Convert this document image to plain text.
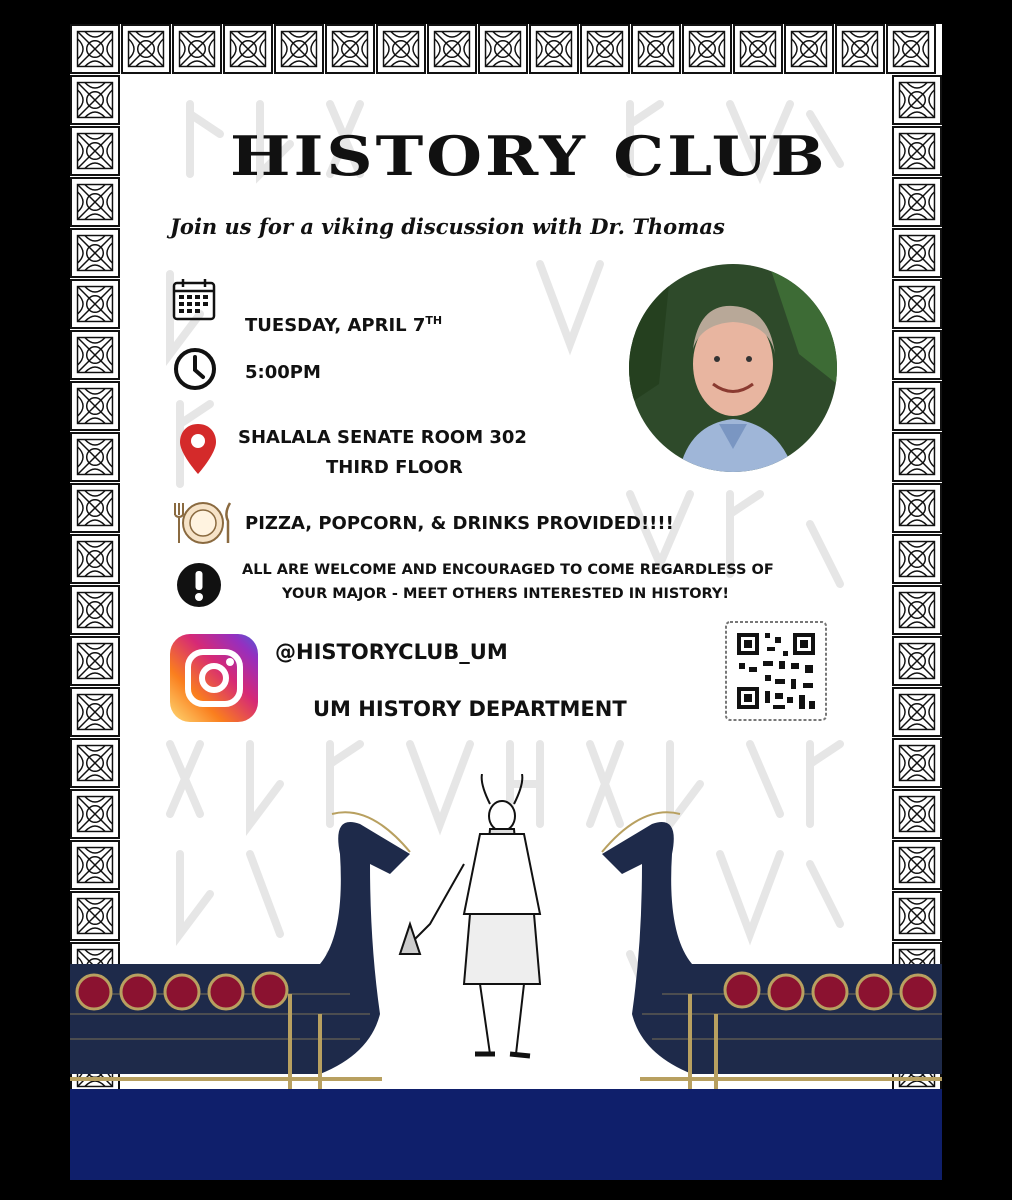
HISTORY CLUB
Join us for a viking discussion with Dr. Thomas
TUESDAY, APRIL 7TH
5:00PM
SHALALA SENATE ROOM 302
THIRD FLOOR
PIZZA, POPCORN, & DRINKS PROVIDED!!!!
ALL ARE WELCOME AND ENCOURAGED TO COME REGARDLESS OF
YOUR MAJOR - MEET OTHERS INTERESTED IN HISTORY!
@HISTORYCLUB_UM
UM HISTORY DEPARTMENT
